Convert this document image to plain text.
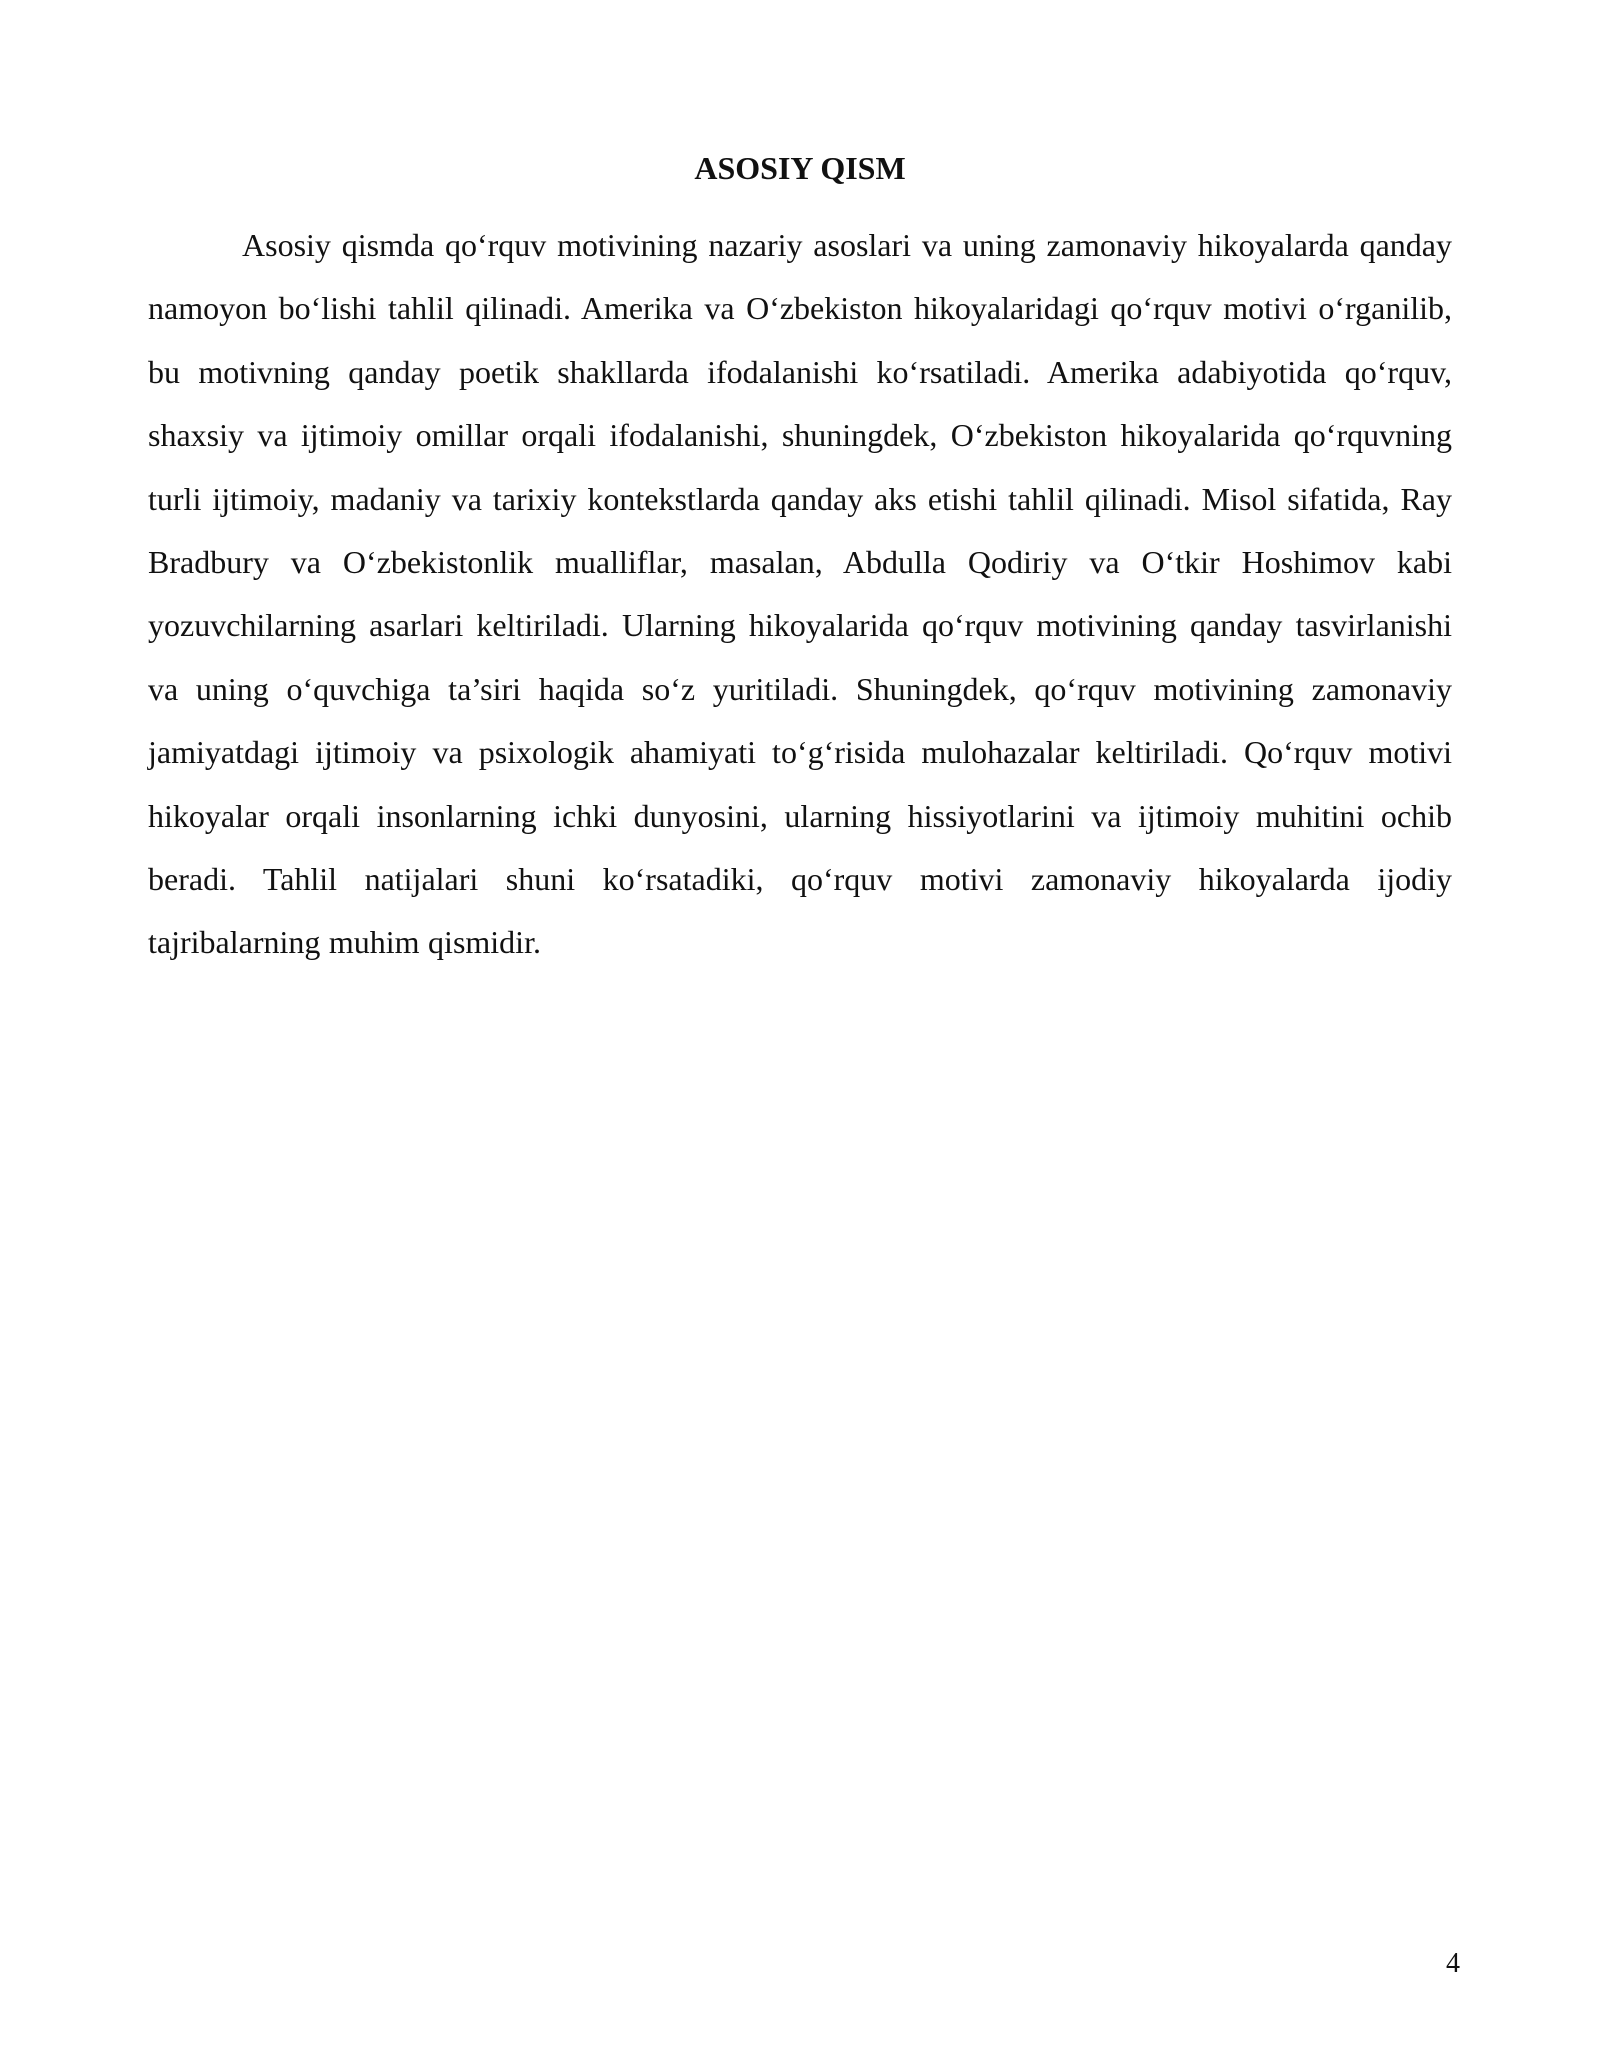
ASOSIY QISM

Asosiy qismda qo‘rquv motivining nazariy asoslari va uning zamonaviy hikoyalarda qanday namoyon bo‘lishi tahlil qilinadi. Amerika va O‘zbekiston hikoyalaridagi qo‘rquv motivi o‘rganilib, bu motivning qanday poetik shakllarda ifodalanishi ko‘rsatiladi. Amerika adabiyotida qo‘rquv, shaxsiy va ijtimoiy omillar orqali ifodalanishi, shuningdek, O‘zbekiston hikoyalarida qo‘rquvning turli ijtimoiy, madaniy va tarixiy kontekstlarda qanday aks etishi tahlil qilinadi. Misol sifatida, Ray Bradbury va O‘zbekistonlik mualliflar, masalan, Abdulla Qodiriy va O‘tkir Hoshimov kabi yozuvchilarning asarlari keltiriladi. Ularning hikoyalarida qo‘rquv motivining qanday tasvirlanishi va uning o‘quvchiga ta’siri haqida so‘z yuritiladi. Shuningdek, qo‘rquv motivining zamonaviy jamiyatdagi ijtimoiy va psixologik ahamiyati to‘g‘risida mulohazalar keltiriladi. Qo‘rquv motivi hikoyalar orqali insonlarning ichki dunyosini, ularning hissiyotlarini va ijtimoiy muhitini ochib beradi. Tahlil natijalari shuni ko‘rsatadiki, qo‘rquv motivi zamonaviy hikoyalarda ijodiy tajribalarning muhim qismidir.

4
